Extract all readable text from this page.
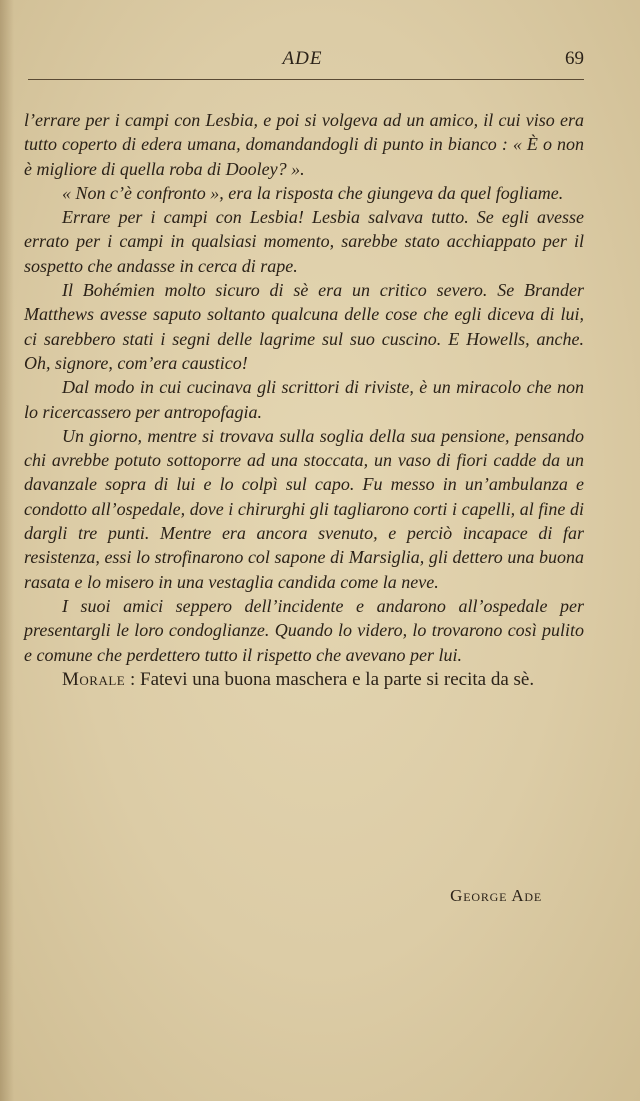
ADE	69

l’errare per i campi con Lesbia, e poi si volgeva ad un amico, il cui viso era tutto coperto di edera umana, domandandogli di punto in bianco : « È o non è migliore di quella roba di Dooley? ».

« Non c’è confronto », era la risposta che giungeva da quel fogliame.

Errare per i campi con Lesbia! Lesbia salvava tutto. Se egli avesse errato per i campi in qualsiasi momento, sarebbe stato acchiappato per il sospetto che andasse in cerca di rape.

Il Bohémien molto sicuro di sè era un critico severo. Se Brander Matthews avesse saputo soltanto qualcuna delle cose che egli diceva di lui, ci sarebbero stati i segni delle lagrime sul suo cuscino. E Howells, anche. Oh, signore, com’era caustico!

Dal modo in cui cucinava gli scrittori di riviste, è un miracolo che non lo ricercassero per antropofagia.

Un giorno, mentre si trovava sulla soglia della sua pensione, pensando chi avrebbe potuto sottoporre ad una stoccata, un vaso di fiori cadde da un davanzale sopra di lui e lo colpì sul capo. Fu messo in un’ambulanza e condotto all’ospedale, dove i chirurghi gli tagliarono corti i capelli, al fine di dargli tre punti. Mentre era ancora svenuto, e perciò incapace di far resistenza, essi lo strofinarono col sapone di Marsiglia, gli dettero una buona rasata e lo misero in una vestaglia candida come la neve.

I suoi amici seppero dell’incidente e andarono all’ospedale per presentargli le loro condoglianze. Quando lo videro, lo trovarono così pulito e comune che perdettero tutto il rispetto che avevano per lui.

Morale : Fatevi una buona maschera e la parte si recita da sè.

George Ade
